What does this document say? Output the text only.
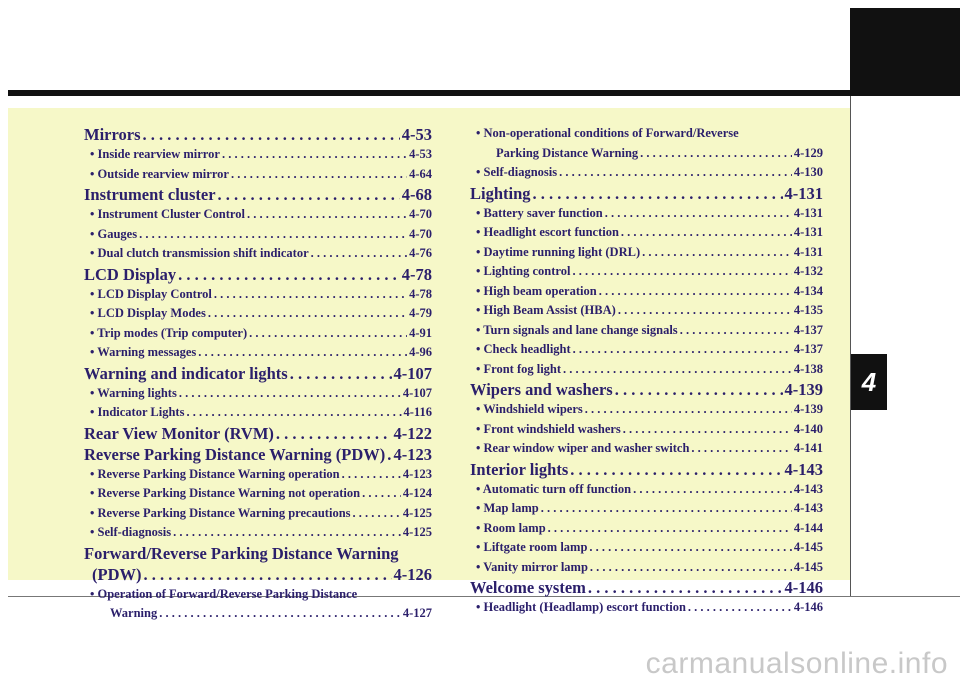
4
Mirrors . . .	4-53
• Inside rearview mirror . . .	4-53
• Outside rearview mirror . . .	4-64
Instrument cluster . . .	4-68
• Instrument Cluster Control . . .	4-70
• Gauges . . .	4-70
• Dual clutch transmission shift indicator . . .	4-76
LCD Display . . .	4-78
• LCD Display Control . . .	4-78
• LCD Display Modes . . .	4-79
• Trip modes (Trip computer) . . .	4-91
• Warning messages . . .	4-96
Warning and indicator lights . . .	4-107
• Warning lights . . .	4-107
• Indicator Lights . . .	4-116
Rear View Monitor (RVM) . . .	4-122
Reverse Parking Distance Warning (PDW) . . . 4-123
• Reverse Parking Distance Warning operation . . .	4-123
• Reverse Parking Distance Warning not operation . . .	4-124
• Reverse Parking Distance Warning precautions . . .	4-125
• Self-diagnosis . . .	4-125
Forward/Reverse Parking Distance Warning
(PDW) . . .	4-126
• Operation of Forward/Reverse Parking Distance
Warning . . .	4-127
• Non-operational conditions of Forward/Reverse
Parking Distance Warning . . .	4-129
• Self-diagnosis . . .	4-130
Lighting . . .	4-131
• Battery saver function . . .	4-131
• Headlight escort function . . .	4-131
• Daytime running light (DRL) . . .	4-131
• Lighting control . . .	4-132
• High beam operation . . .	4-134
• High Beam Assist (HBA) . . .	4-135
• Turn signals and lane change signals . . .	4-137
• Check headlight . . .	4-137
• Front fog light . . .	4-138
Wipers and washers . . .	4-139
• Windshield wipers . . .	4-139
• Front windshield washers . . .	4-140
• Rear window wiper and washer switch . . .	4-141
Interior lights . . .	4-143
• Automatic turn off function . . .	4-143
• Map lamp . . .	4-143
• Room lamp . . .	4-144
• Liftgate room lamp . . .	4-145
• Vanity mirror lamp . . .	4-145
Welcome system . . .	4-146
• Headlight (Headlamp) escort function . . .	4-146
carmanualsonline.info
